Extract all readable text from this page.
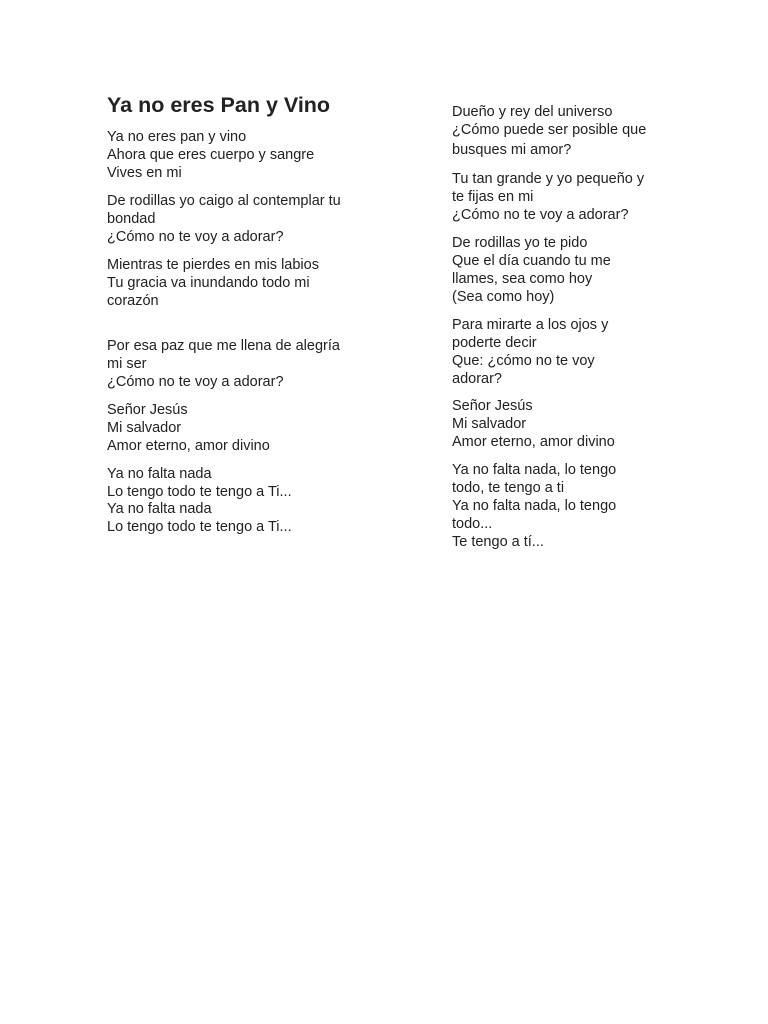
Ya no eres Pan y Vino
Ya no eres pan y vino
Ahora que eres cuerpo y sangre
Vives en mi
De rodillas yo caigo al contemplar tu
bondad
¿Cómo no te voy a adorar?
Mientras te pierdes en mis labios
Tu gracia va inundando todo mi
corazón
Por esa paz que me llena de alegría
mi ser
¿Cómo no te voy a adorar?
Señor Jesús
Mi salvador
Amor eterno, amor divino
Ya no falta nada
Lo tengo todo te tengo a Ti...
Ya no falta nada
Lo tengo todo te tengo a Ti...
Dueño y rey del universo
¿Cómo puede ser posible que
busques mi amor?
Tu tan grande y yo pequeño y
te fijas en mi
¿Cómo no te voy a adorar?
De rodillas yo te pido
Que el día cuando tu me
llames, sea como hoy
(Sea como hoy)
Para mirarte a los ojos y
poderte decir
Que: ¿cómo no te voy
adorar?
Señor Jesús
Mi salvador
Amor eterno, amor divino
Ya no falta nada, lo tengo
todo, te tengo a ti
Ya no falta nada, lo tengo
todo...
Te tengo a tí...
